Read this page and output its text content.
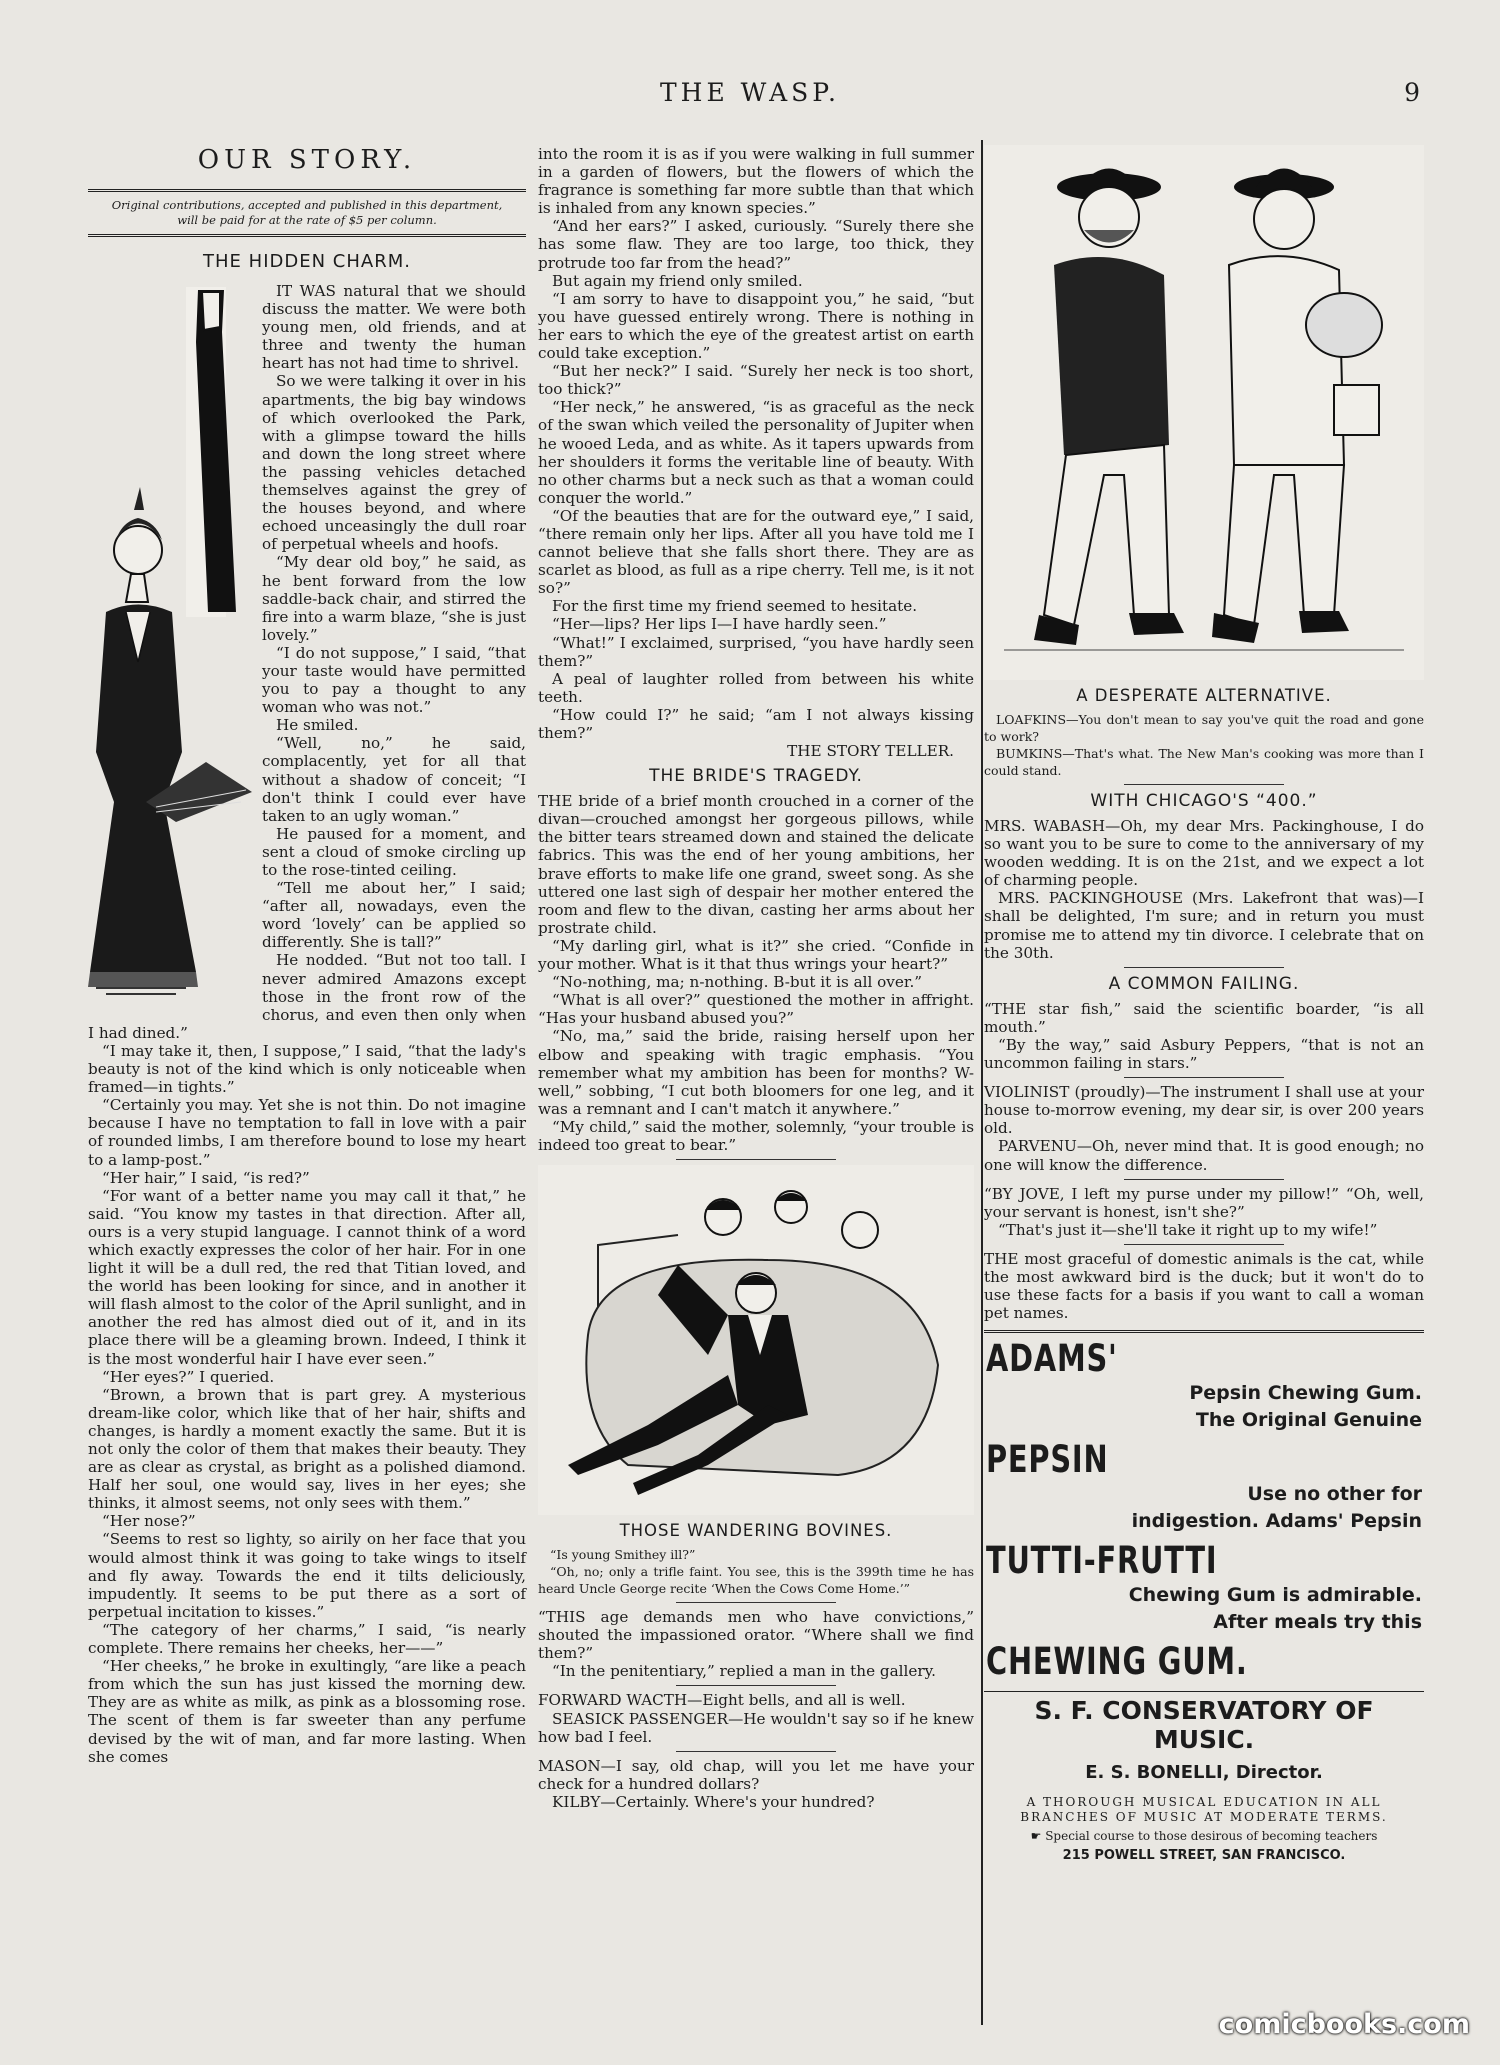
THE WASP.	9
OUR STORY.
Original contributions, accepted and published in this department, will be paid for at the rate of $5 per column.
THE HIDDEN CHARM.

IT WAS natural that we should discuss the matter. We were both young men, old friends, and at three and twenty the human heart has not had time to shrivel.

So we were talking it over in his apartments, the big bay windows of which overlooked the Park, with a glimpse toward the hills and down the long street where the passing vehicles detached themselves against the grey of the houses beyond, and where echoed unceasingly the dull roar of perpetual wheels and hoofs.

“My dear old boy,” he said, as he bent forward from the low saddle-back chair, and stirred the fire into a warm blaze, “she is just lovely.”

“I do not suppose,” I said, “that your taste would have permitted you to pay a thought to any woman who was not.”

He smiled.

“Well, no,” he said, complacently, yet for all that without a shadow of conceit; “I don't think I could ever have taken to an ugly woman.”

He paused for a moment, and sent a cloud of smoke circling up to the rose-tinted ceiling.

“Tell me about her,” I said; “after all, nowadays, even the word ‘lovely’ can be applied so differently. She is tall?”

He nodded. “But not too tall. I never admired Amazons except those in the front row of the chorus, and even then only when I had dined.”

“I may take it, then, I suppose,” I said, “that the lady's beauty is not of the kind which is only noticeable when framed—in tights.”

“Certainly you may. Yet she is not thin. Do not imagine because I have no temptation to fall in love with a pair of rounded limbs, I am therefore bound to lose my heart to a lamp-post.”

“Her hair,” I said, “is red?”

“For want of a better name you may call it that,” he said. “You know my tastes in that direction. After all, ours is a very stupid language. I cannot think of a word which exactly expresses the color of her hair. For in one light it will be a dull red, the red that Titian loved, and the world has been looking for since, and in another it will flash almost to the color of the April sunlight, and in another the red has almost died out of it, and in its place there will be a gleaming brown. Indeed, I think it is the most wonderful hair I have ever seen.”

“Her eyes?” I queried.

“Brown, a brown that is part grey. A mysterious dream-like color, which like that of her hair, shifts and changes, is hardly a moment exactly the same. But it is not only the color of them that makes their beauty. They are as clear as crystal, as bright as a polished diamond. Half her soul, one would say, lives in her eyes; she thinks, it almost seems, not only sees with them.”

“Her nose?”

“Seems to rest so lighty, so airily on her face that you would almost think it was going to take wings to itself and fly away. Towards the end it tilts deliciously, impudently. It seems to be put there as a sort of perpetual incitation to kisses.”

“The category of her charms,” I said, “is nearly complete. There remains her cheeks, her——”

“Her cheeks,” he broke in exultingly, “are like a peach from which the sun has just kissed the morning dew. They are as white as milk, as pink as a blossoming rose. The scent of them is far sweeter than any perfume devised by the wit of man, and far more lasting. When she comes

into the room it is as if you were walking in full summer in a garden of flowers, but the flowers of which the fragrance is something far more subtle than that which is inhaled from any known species.”

“And her ears?” I asked, curiously. “Surely there she has some flaw. They are too large, too thick, they protrude too far from the head?”

But again my friend only smiled.

“I am sorry to have to disappoint you,” he said, “but you have guessed entirely wrong. There is nothing in her ears to which the eye of the greatest artist on earth could take exception.”

“But her neck?” I said. “Surely her neck is too short, too thick?”

“Her neck,” he answered, “is as graceful as the neck of the swan which veiled the personality of Jupiter when he wooed Leda, and as white. As it tapers upwards from her shoulders it forms the veritable line of beauty. With no other charms but a neck such as that a woman could conquer the world.”

“Of the beauties that are for the outward eye,” I said, “there remain only her lips. After all you have told me I cannot believe that she falls short there. They are as scarlet as blood, as full as a ripe cherry. Tell me, is it not so?”

For the first time my friend seemed to hesitate.

“Her—lips? Her lips I—I have hardly seen.”

“What!” I exclaimed, surprised, “you have hardly seen them?”

A peal of laughter rolled from between his white teeth.

“How could I?” he said; “am I not always kissing them?”

THE STORY TELLER.
THE BRIDE'S TRAGEDY.

THE bride of a brief month crouched in a corner of the divan—crouched amongst her gorgeous pillows, while the bitter tears streamed down and stained the delicate fabrics. This was the end of her young ambitions, her brave efforts to make life one grand, sweet song. As she uttered one last sigh of despair her mother entered the room and flew to the divan, casting her arms about her prostrate child.

“My darling girl, what is it?” she cried. “Confide in your mother. What is it that thus wrings your heart?”

“No-nothing, ma; n-nothing. B-but it is all over.”

“What is all over?” questioned the mother in affright. “Has your husband abused you?”

“No, ma,” said the bride, raising herself upon her elbow and speaking with tragic emphasis. “You remember what my ambition has been for months? W-well,” sobbing, “I cut both bloomers for one leg, and it was a remnant and I can't match it anywhere.”

“My child,” said the mother, solemnly, “your trouble is indeed too great to bear.”

THOSE WANDERING BOVINES.

“Is young Smithey ill?”

“Oh, no; only a trifle faint. You see, this is the 399th time he has heard Uncle George recite ‘When the Cows Come Home.’”

“THIS age demands men who have convictions,” shouted the impassioned orator. “Where shall we find them?”

“In the penitentiary,” replied a man in the gallery.

FORWARD WACTH—Eight bells, and all is well.

SEASICK PASSENGER—He wouldn't say so if he knew how bad I feel.

MASON—I say, old chap, will you let me have your check for a hundred dollars?

KILBY—Certainly. Where's your hundred?

A DESPERATE ALTERNATIVE.

LOAFKINS—You don't mean to say you've quit the road and gone to work?

BUMKINS—That's what. The New Man's cooking was more than I could stand.

WITH CHICAGO'S “400.”

MRS. WABASH—Oh, my dear Mrs. Packinghouse, I do so want you to be sure to come to the anniversary of my wooden wedding. It is on the 21st, and we expect a lot of charming people.

MRS. PACKINGHOUSE (Mrs. Lakefront that was)—I shall be delighted, I'm sure; and in return you must promise me to attend my tin divorce. I celebrate that on the 30th.

A COMMON FAILING.

“THE star fish,” said the scientific boarder, “is all mouth.”

“By the way,” said Asbury Peppers, “that is not an uncommon failing in stars.”

VIOLINIST (proudly)—The instrument I shall use at your house to-morrow evening, my dear sir, is over 200 years old.

PARVENU—Oh, never mind that. It is good enough; no one will know the difference.

“BY JOVE, I left my purse under my pillow!” “Oh, well, your servant is honest, isn't she?”

“That's just it—she'll take it right up to my wife!”

THE most graceful of domestic animals is the cat, while the most awkward bird is the duck; but it won't do to use these facts for a basis if you want to call a woman pet names.

ADAMS'
Pepsin Chewing Gum.
The Original Genuine
PEPSIN
Use no other for indigestion. Adams' Pepsin
TUTTI-FRUTTI
Chewing Gum is admirable. After meals try this
CHEWING GUM.
S. F. CONSERVATORY OF MUSIC.
E. S. BONELLI, Director.
A THOROUGH MUSICAL EDUCATION IN ALL BRANCHES OF MUSIC AT MODERATE TERMS.
☛ Special course to those desirous of becoming teachers
215 POWELL STREET, SAN FRANCISCO.
comicbooks.com
